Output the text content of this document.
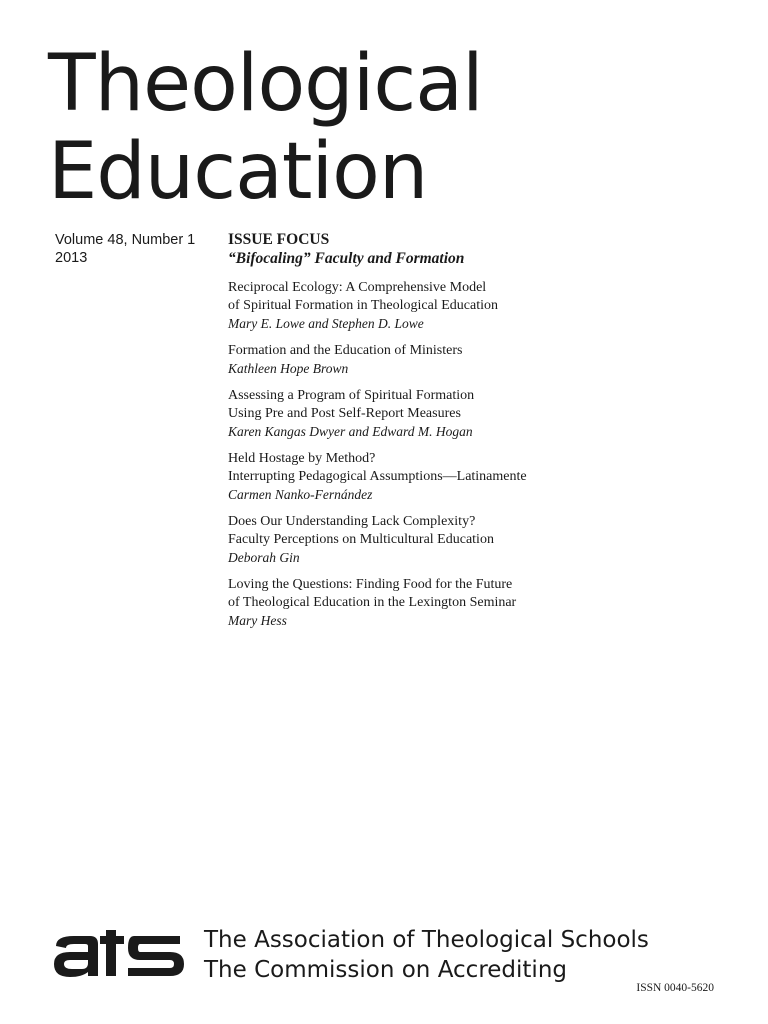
Theological
Education
Volume 48, Number 1
2013
ISSUE FOCUS
“Bifocaling” Faculty and Formation
Reciprocal Ecology: A Comprehensive Model
of Spiritual Formation in Theological Education
Mary E. Lowe and Stephen D. Lowe
Formation and the Education of Ministers
Kathleen Hope Brown
Assessing a Program of Spiritual Formation
Using Pre and Post Self-Report Measures
Karen Kangas Dwyer and Edward M. Hogan
Held Hostage by Method?
Interrupting Pedagogical Assumptions—Latinamente
Carmen Nanko-Fernández
Does Our Understanding Lack Complexity?
Faculty Perceptions on Multicultural Education
Deborah Gin
Loving the Questions: Finding Food for the Future
of Theological Education in the Lexington Seminar
Mary Hess
The Association of Theological Schools
The Commission on Accrediting
ISSN 0040-5620
